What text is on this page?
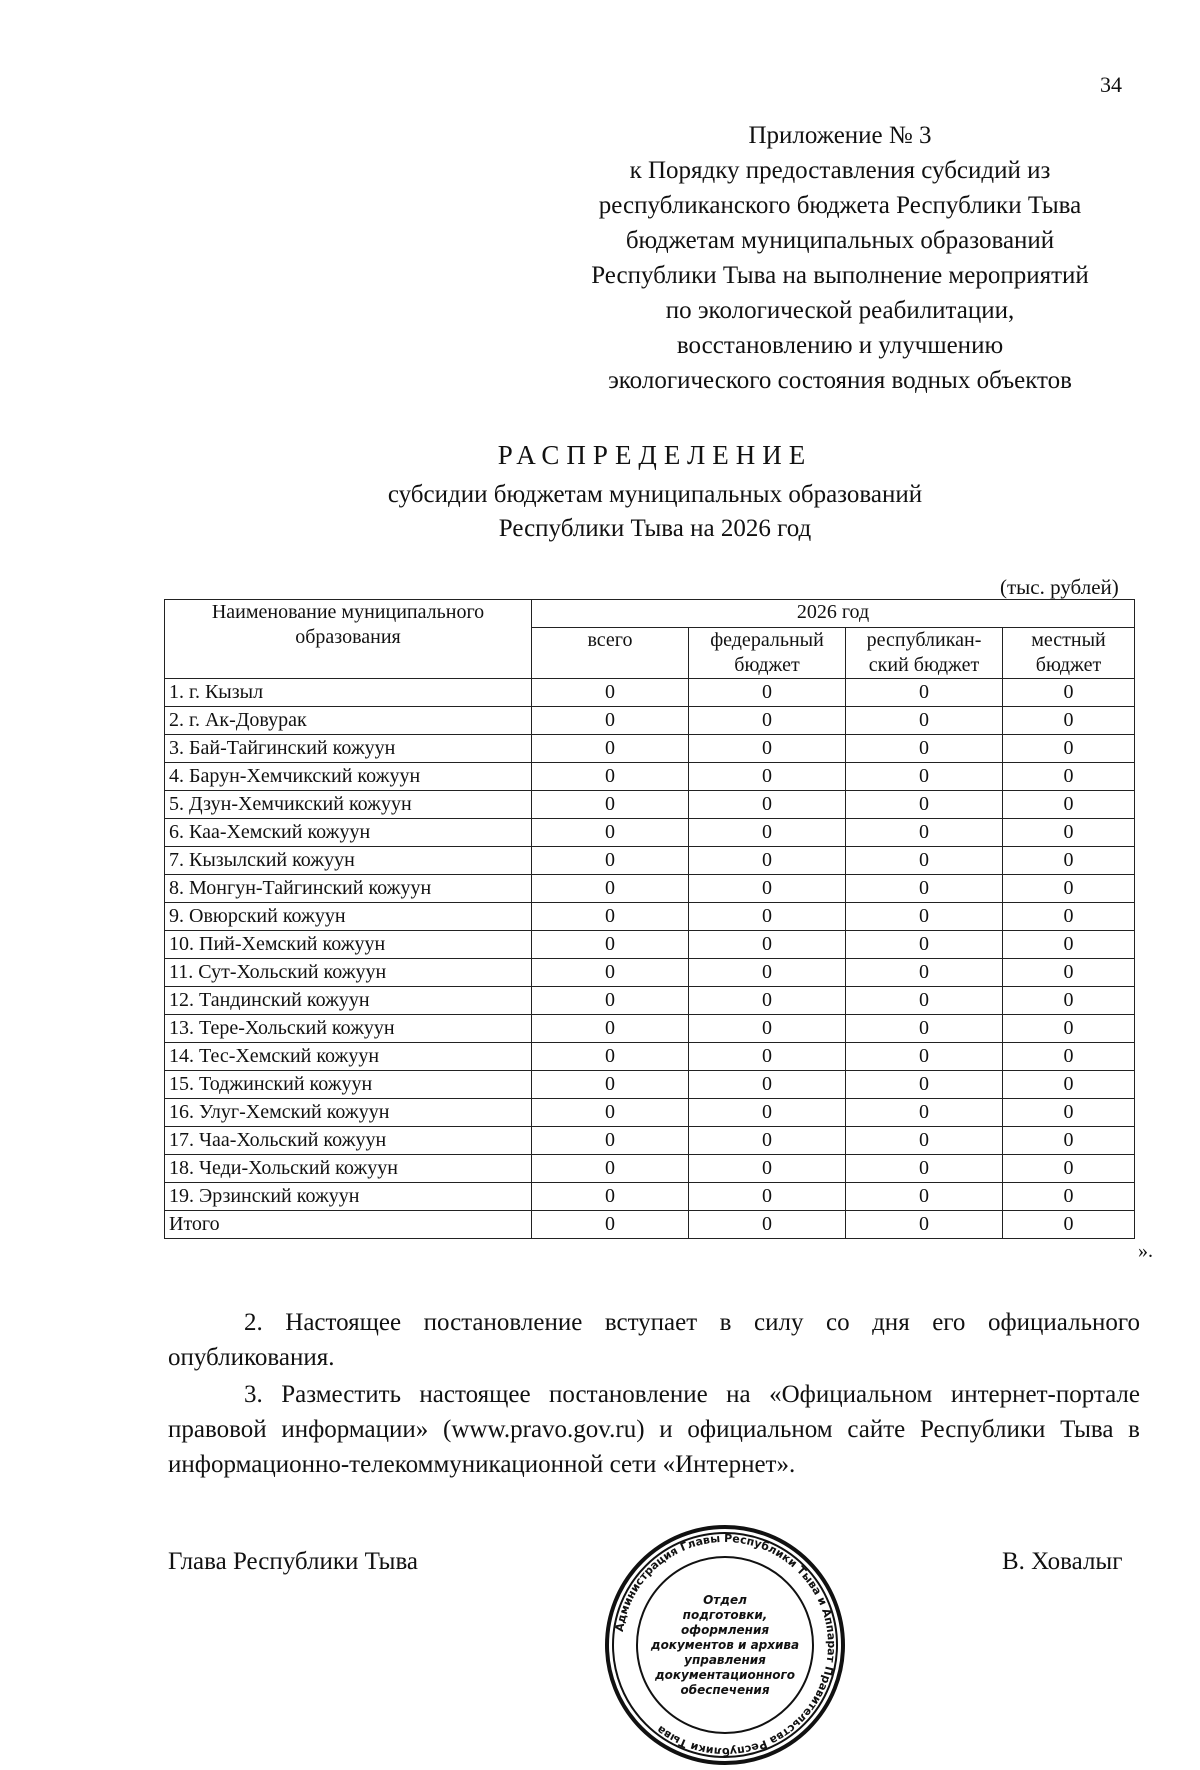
34
Приложение № 3
к Порядку предоставления субсидий из
республиканского бюджета Республики Тыва
бюджетам муниципальных образований
Республики Тыва на выполнение мероприятий
по экологической реабилитации,
восстановлению и улучшению
экологического состояния водных объектов
РАСПРЕДЕЛЕНИЕ
субсидии бюджетам муниципальных образований
Республики Тыва на 2026 год
(тыс. рублей)
Наименование муниципального образования	2026 год			
	всего	федеральный бюджет	республикан-ский бюджет	местный бюджет
1. г. Кызыл	0	0	0	0
2. г. Ак-Довурак	0	0	0	0
3. Бай-Тайгинский кожуун	0	0	0	0
4. Барун-Хемчикский кожуун	0	0	0	0
5. Дзун-Хемчикский кожуун	0	0	0	0
6. Каа-Хемский кожуун	0	0	0	0
7. Кызылский кожуун	0	0	0	0
8. Монгун-Тайгинский кожуун	0	0	0	0
9. Овюрский кожуун	0	0	0	0
10. Пий-Хемский кожуун	0	0	0	0
11. Сут-Хольский кожуун	0	0	0	0
12. Тандинский кожуун	0	0	0	0
13. Тере-Хольский кожуун	0	0	0	0
14. Тес-Хемский кожуун	0	0	0	0
15. Тоджинский кожуун	0	0	0	0
16. Улуг-Хемский кожуун	0	0	0	0
17. Чаа-Хольский кожуун	0	0	0	0
18. Чеди-Хольский кожуун	0	0	0	0
19. Эрзинский кожуун	0	0	0	0
Итого	0	0	0	0
».
2. Настоящее постановление вступает в силу со дня его официального опубликования.
3. Разместить настоящее постановление на «Официальном интернет-портале правовой информации» (www.pravo.gov.ru) и официальном сайте Республики Тыва в информационно-телекоммуникационной сети «Интернет».
Глава Республики Тыва	В. Ховалыг
Администрация Главы Республики Тыва и Аппарат Правительства Республики Тыва
Отдел
подготовки,
оформления
документов и архива
управления
документационного
обеспечения
